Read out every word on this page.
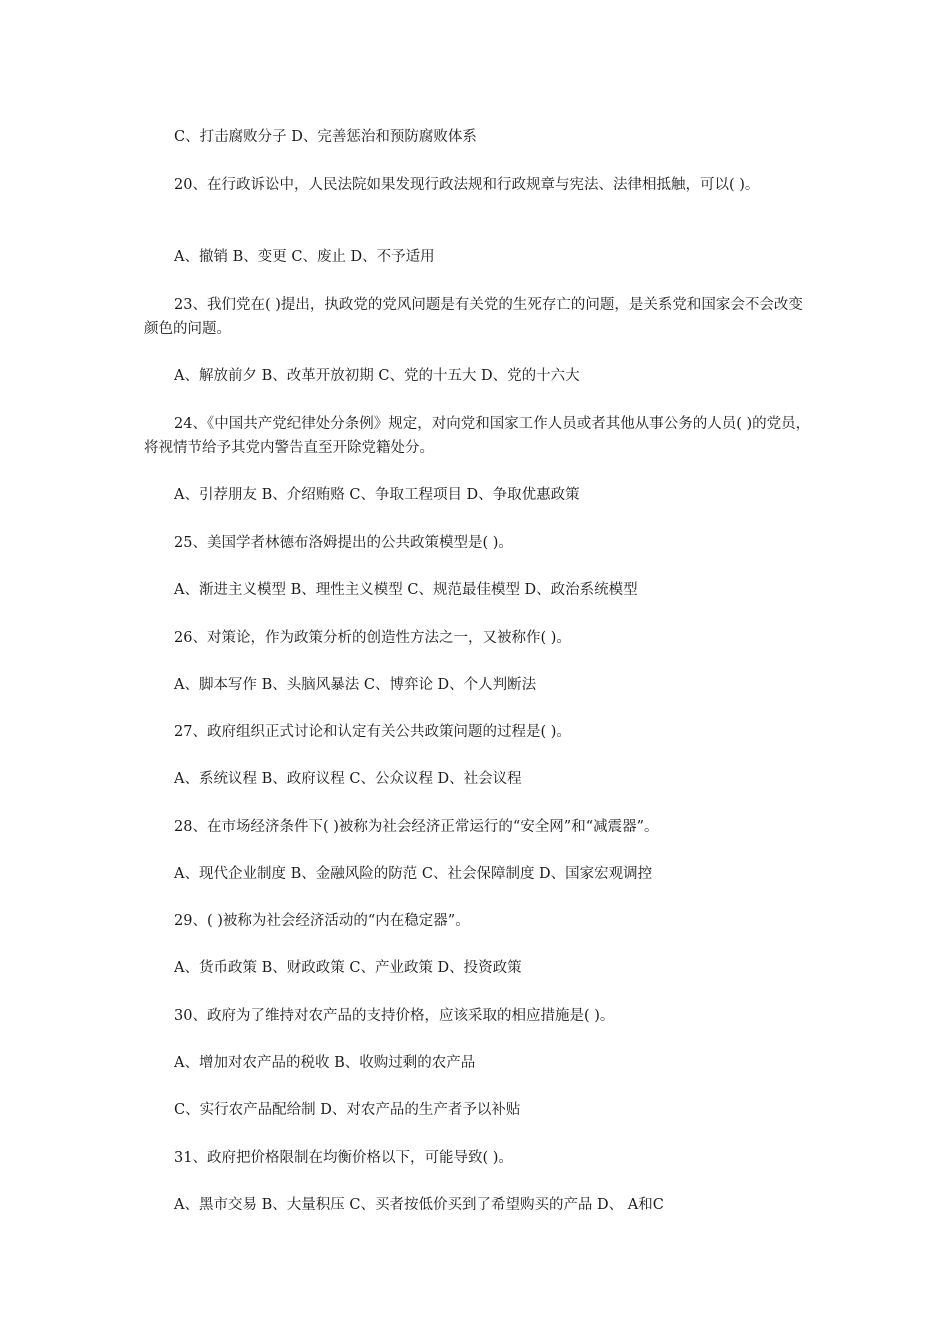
C、打击腐败分子 D、完善惩治和预防腐败体系

20、在行政诉讼中，人民法院如果发现行政法规和行政规章与宪法、法律相抵触，可以( )。

A、撤销 B、变更 C、废止 D、不予适用

23、我们党在( )提出，执政党的党风问题是有关党的生死存亡的问题，是关系党和国家会不会改变颜色的问题。

A、解放前夕 B、改革开放初期 C、党的十五大 D、党的十六大

24、《中国共产党纪律处分条例》规定，对向党和国家工作人员或者其他从事公务的人员( )的党员，将视情节给予其党内警告直至开除党籍处分。

A、引荐朋友 B、介绍贿赂 C、争取工程项目 D、争取优惠政策

25、美国学者林德布洛姆提出的公共政策模型是( )。

A、渐进主义模型 B、理性主义模型 C、规范最佳模型 D、政治系统模型

26、对策论，作为政策分析的创造性方法之一，又被称作( )。

A、脚本写作 B、头脑风暴法 C、博弈论 D、个人判断法

27、政府组织正式讨论和认定有关公共政策问题的过程是( )。

A、系统议程 B、政府议程 C、公众议程 D、社会议程

28、在市场经济条件下( )被称为社会经济正常运行的“安全网”和“减震器”。

A、现代企业制度 B、金融风险的防范 C、社会保障制度 D、国家宏观调控

29、( )被称为社会经济活动的“内在稳定器”。

A、货币政策 B、财政政策 C、产业政策 D、投资政策

30、政府为了维持对农产品的支持价格，应该采取的相应措施是( )。

A、增加对农产品的税收 B、收购过剩的农产品

C、实行农产品配给制 D、对农产品的生产者予以补贴

31、政府把价格限制在均衡价格以下，可能导致( )。

A、黑市交易 B、大量积压 C、买者按低价买到了希望购买的产品 D、 A和C
